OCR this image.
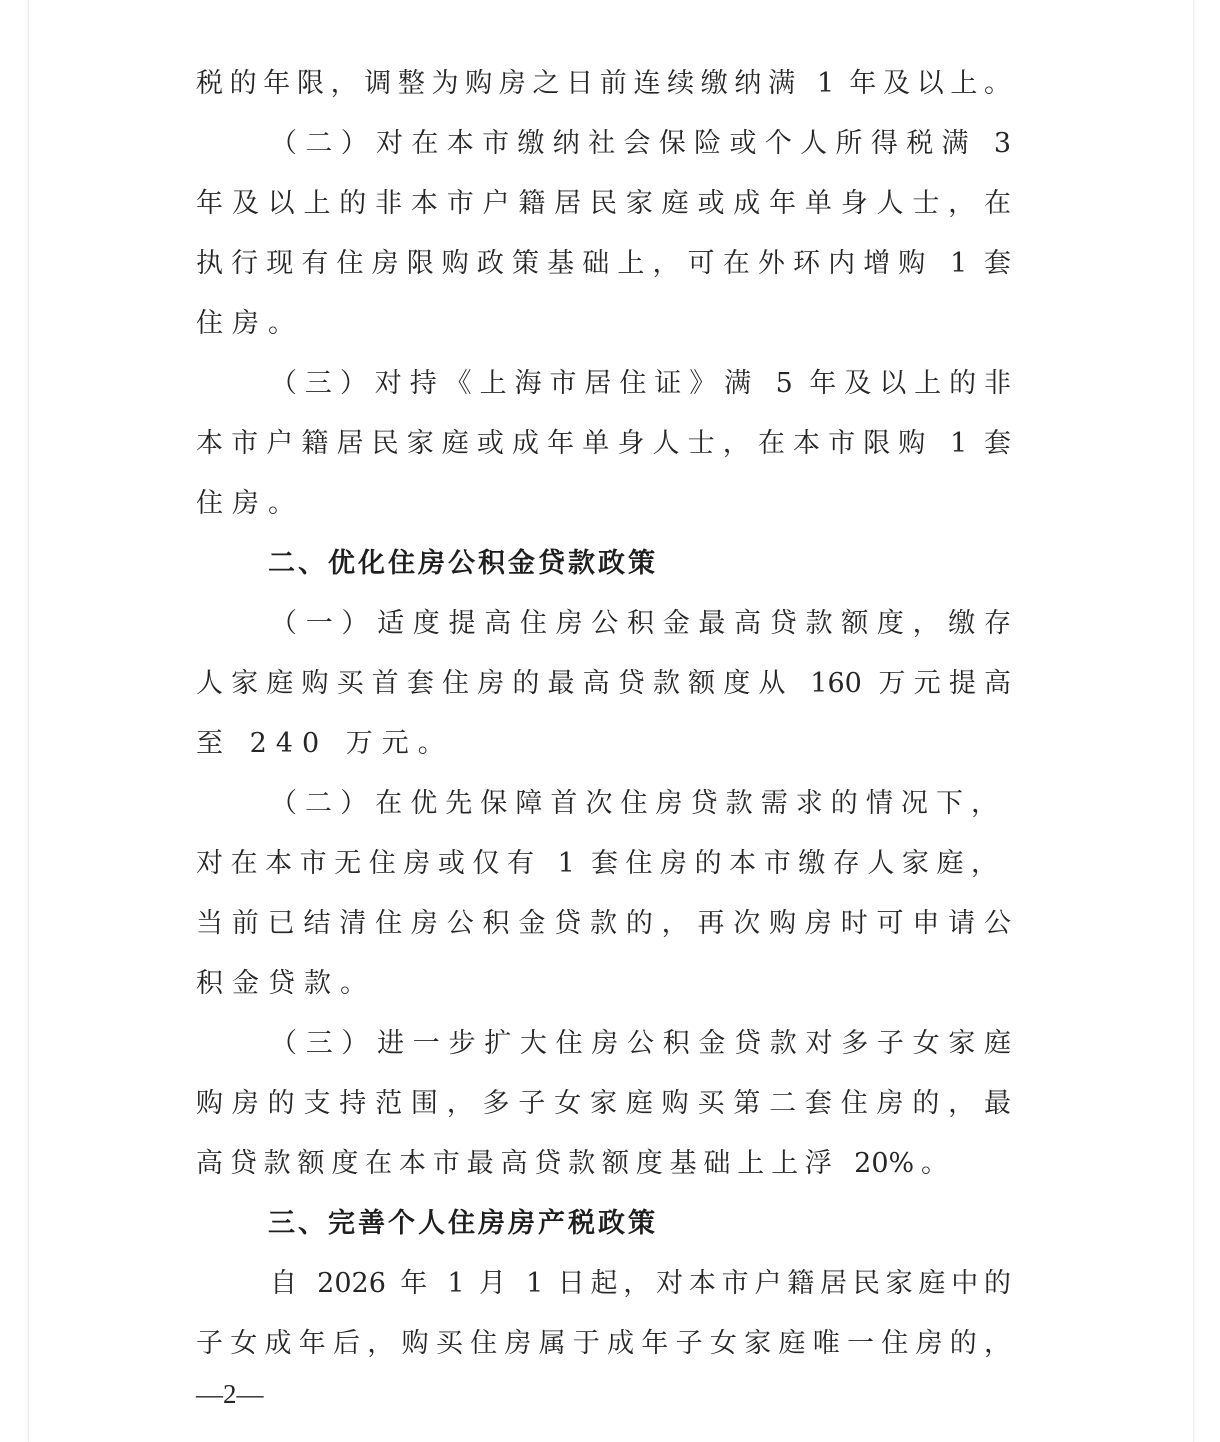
税的年限，调整为购房之日前连续缴纳满 1 年及以上。
（二）对在本市缴纳社会保险或个人所得税满 3
年及以上的非本市户籍居民家庭或成年单身人士，在
执行现有住房限购政策基础上，可在外环内增购 1 套
住房。
（三）对持《上海市居住证》满 5 年及以上的非
本市户籍居民家庭或成年单身人士，在本市限购 1 套
住房。
二、优化住房公积金贷款政策
（一）适度提高住房公积金最高贷款额度，缴存
人家庭购买首套住房的最高贷款额度从 160 万元提高
至 240 万元。
（二）在优先保障首次住房贷款需求的情况下，
对在本市无住房或仅有 1 套住房的本市缴存人家庭，
当前已结清住房公积金贷款的，再次购房时可申请公
积金贷款。
（三）进一步扩大住房公积金贷款对多子女家庭
购房的支持范围，多子女家庭购买第二套住房的，最
高贷款额度在本市最高贷款额度基础上上浮 20%。
三、完善个人住房房产税政策
自 2026 年 1 月 1 日起，对本市户籍居民家庭中的
子女成年后，购买住房属于成年子女家庭唯一住房的，
—2—
